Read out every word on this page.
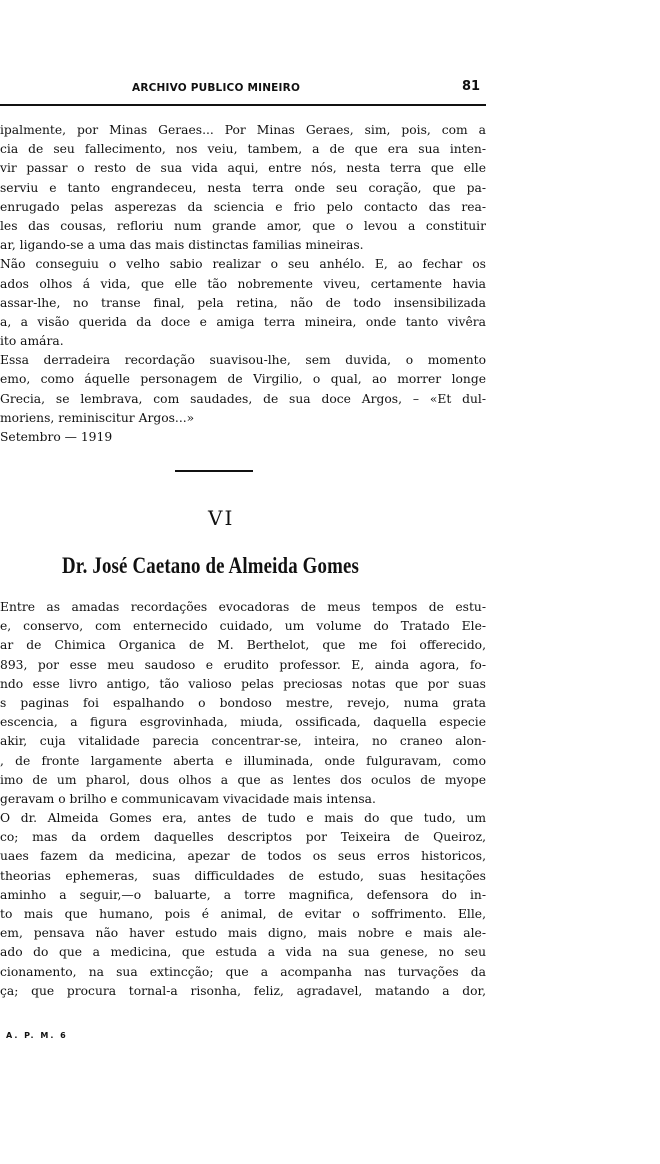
ARCHIVO PUBLICO MINEIRO	81
ipalmente, por Minas Geraes... Por Minas Geraes, sim, pois, com a
cia de seu fallecimento, nos veiu, tambem, a de que era sua inten-
vir passar o resto de sua vida aqui, entre nós, nesta terra que elle
serviu e tanto engrandeceu, nesta terra onde seu coração, que pa-
enrugado pelas asperezas da sciencia e frio pelo contacto das rea-
les das cousas, refloriu num grande amor, que o levou a constituir
ar, ligando-se a uma das mais distinctas familias mineiras.
Não conseguiu o velho sabio realizar o seu anhélo. E, ao fechar os
ados olhos á vida, que elle tão nobremente viveu, certamente havia
assar-lhe, no transe final, pela retina, não de todo insensibilizada
a, a visão querida da doce e amiga terra mineira, onde tanto vivêra
ito amára.
Essa derradeira recordação suavisou-lhe, sem duvida, o momento
emo, como áquelle personagem de Virgilio, o qual, ao morrer longe
Grecia, se lembrava, com saudades, de sua doce Argos, – «Et dul-
moriens, reminiscitur Argos...»
Setembro — 1919
VI
Dr. José Caetano de Almeida Gomes
Entre as amadas recordações evocadoras de meus tempos de estu-
e, conservo, com enternecido cuidado, um volume do Tratado Ele-
ar de Chimica Organica de M. Berthelot, que me foi offerecido,
893, por esse meu saudoso e erudito professor. E, ainda agora, fo-
ndo esse livro antigo, tão valioso pelas preciosas notas que por suas
s paginas foi espalhando o bondoso mestre, revejo, numa grata
escencia, a figura esgrovinhada, miuda, ossificada, daquella especie
akir, cuja vitalidade parecia concentrar-se, inteira, no craneo alon-
, de fronte largamente aberta e illuminada, onde fulguravam, como
imo de um pharol, dous olhos a que as lentes dos oculos de myope
geravam o brilho e communicavam vivacidade mais intensa.
O dr. Almeida Gomes era, antes de tudo e mais do que tudo, um
co; mas da ordem daquelles descriptos por Teixeira de Queiroz,
uaes fazem da medicina, apezar de todos os seus erros historicos,
theorias ephemeras, suas difficuldades de estudo, suas hesitações
aminho a seguir,—o baluarte, a torre magnifica, defensora do in-
to mais que humano, pois é animal, de evitar o soffrimento. Elle,
em, pensava não haver estudo mais digno, mais nobre e mais ale-
ado do que a medicina, que estuda a vida na sua genese, no seu
cionamento, na sua extincção; que a acompanha nas turvações da
ça; que procura tornal-a risonha, feliz, agradavel, matando a dor,
A. P. M. 6
